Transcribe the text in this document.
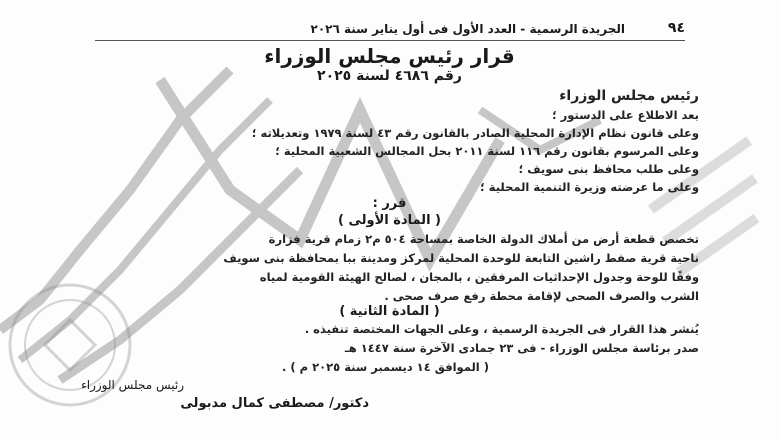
٩٤
الجريدة الرسمية - العدد الأول فى أول يناير سنة ٢٠٢٦
قرار رئيس مجلس الوزراء
رقم ٤٦٨٦ لسنة ٢٠٢٥
رئيس مجلس الوزراء
بعد الاطلاع على الدستور ؛
وعلى قانون نظام الإدارة المحلية الصادر بالقانون رقم ٤٣ لسنة ١٩٧٩ وتعديلاته ؛
وعلى المرسوم بقانون رقم ١١٦ لسنة ٢٠١١ بحل المجالس الشعبية المحلية ؛
وعلى طلب محافظ بنى سويف ؛
وعلى ما عرضته وزيرة التنمية المحلية ؛
قرر :
( المادة الأولى )
تخصص قطعة أرض من أملاك الدولة الخاصة بمساحة ٥٠٤ م٢ زمام قرية فزارة
ناحية قرية صفط راشين التابعة للوحدة المحلية لمركز ومدينة ببا بمحافظة بنى سويف
وفقًا للوحة وجدول الإحداثيات المرفقين ، بالمجان ، لصالح الهيئة القومية لمياه
الشرب والصرف الصحى لإقامة محطة رفع صرف صحى .
( المادة الثانية )
يُنشر هذا القرار فى الجريدة الرسمية ، وعلى الجهات المختصة تنفيذه .
صدر برئاسة مجلس الوزراء - فى ٢٣ جمادى الآخرة سنة ١٤٤٧ هـ
( الموافق ١٤ ديسمبر سنة ٢٠٢٥ م ) .
رئيس مجلس الوزراء
دكتور/ مصطفى كمال مدبولى
